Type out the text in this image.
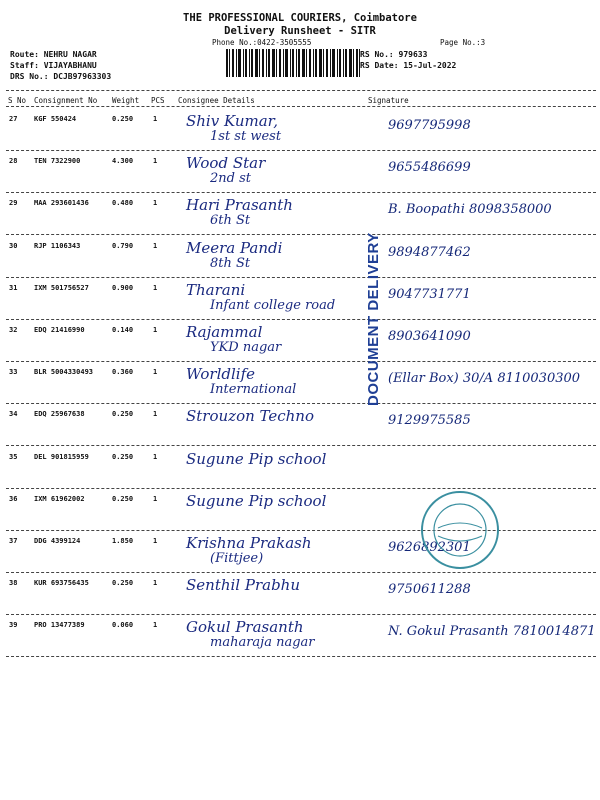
THE PROFESSIONAL COURIERS, Coimbatore
Delivery Runsheet - SITR
Phone No.:0422-3505555	Page No.:3
Route: NEHRU NAGAR
Staff: VIJAYABHANU
DRS No.: DCJB97963303
RS No.: 979633
RS Date: 15-Jul-2022
S No Consignment No Weight PCS Consignee Details	Signature
27 KGF 550424	0.250	1 Shiv Kumar,
1st st west
9697795998
28 TEN 7322900	4.300	1 Wood Star
2nd st
9655486699
29 MAA 293601436	0.480	1 Hari Prasanth
6th St
B. Boopathi 8098358000
30 RJP 1106343	0.790	1 Meera Pandi
8th St
9894877462
31 IXM 501756527	0.900	1 Tharani
Infant college road
9047731771
32 EDQ 21416990	0.140	1 Rajammal
YKD nagar
8903641090
33 BLR 5004330493	0.360	1 Worldlife
International
(Ellar Box) 30/A 8110030300
34 EDQ 25967638	0.250	1 Strouzon Techno	9129975585
35 DEL 901815959	0.250	1 Sugune Pip school
36 IXM 61962002	0.250	1 Sugune Pip school
37 DDG 4399124	1.850	1 Krishna Prakash
(Fittjee)
9626892301
38 KUR 693756435	0.250	1 Senthil Prabhu	9750611288
39 PRO 13477389	0.060	1 Gokul Prasanth
maharaja nagar
N. Gokul Prasanth 7810014871
DOCUMENT DELIVERY
